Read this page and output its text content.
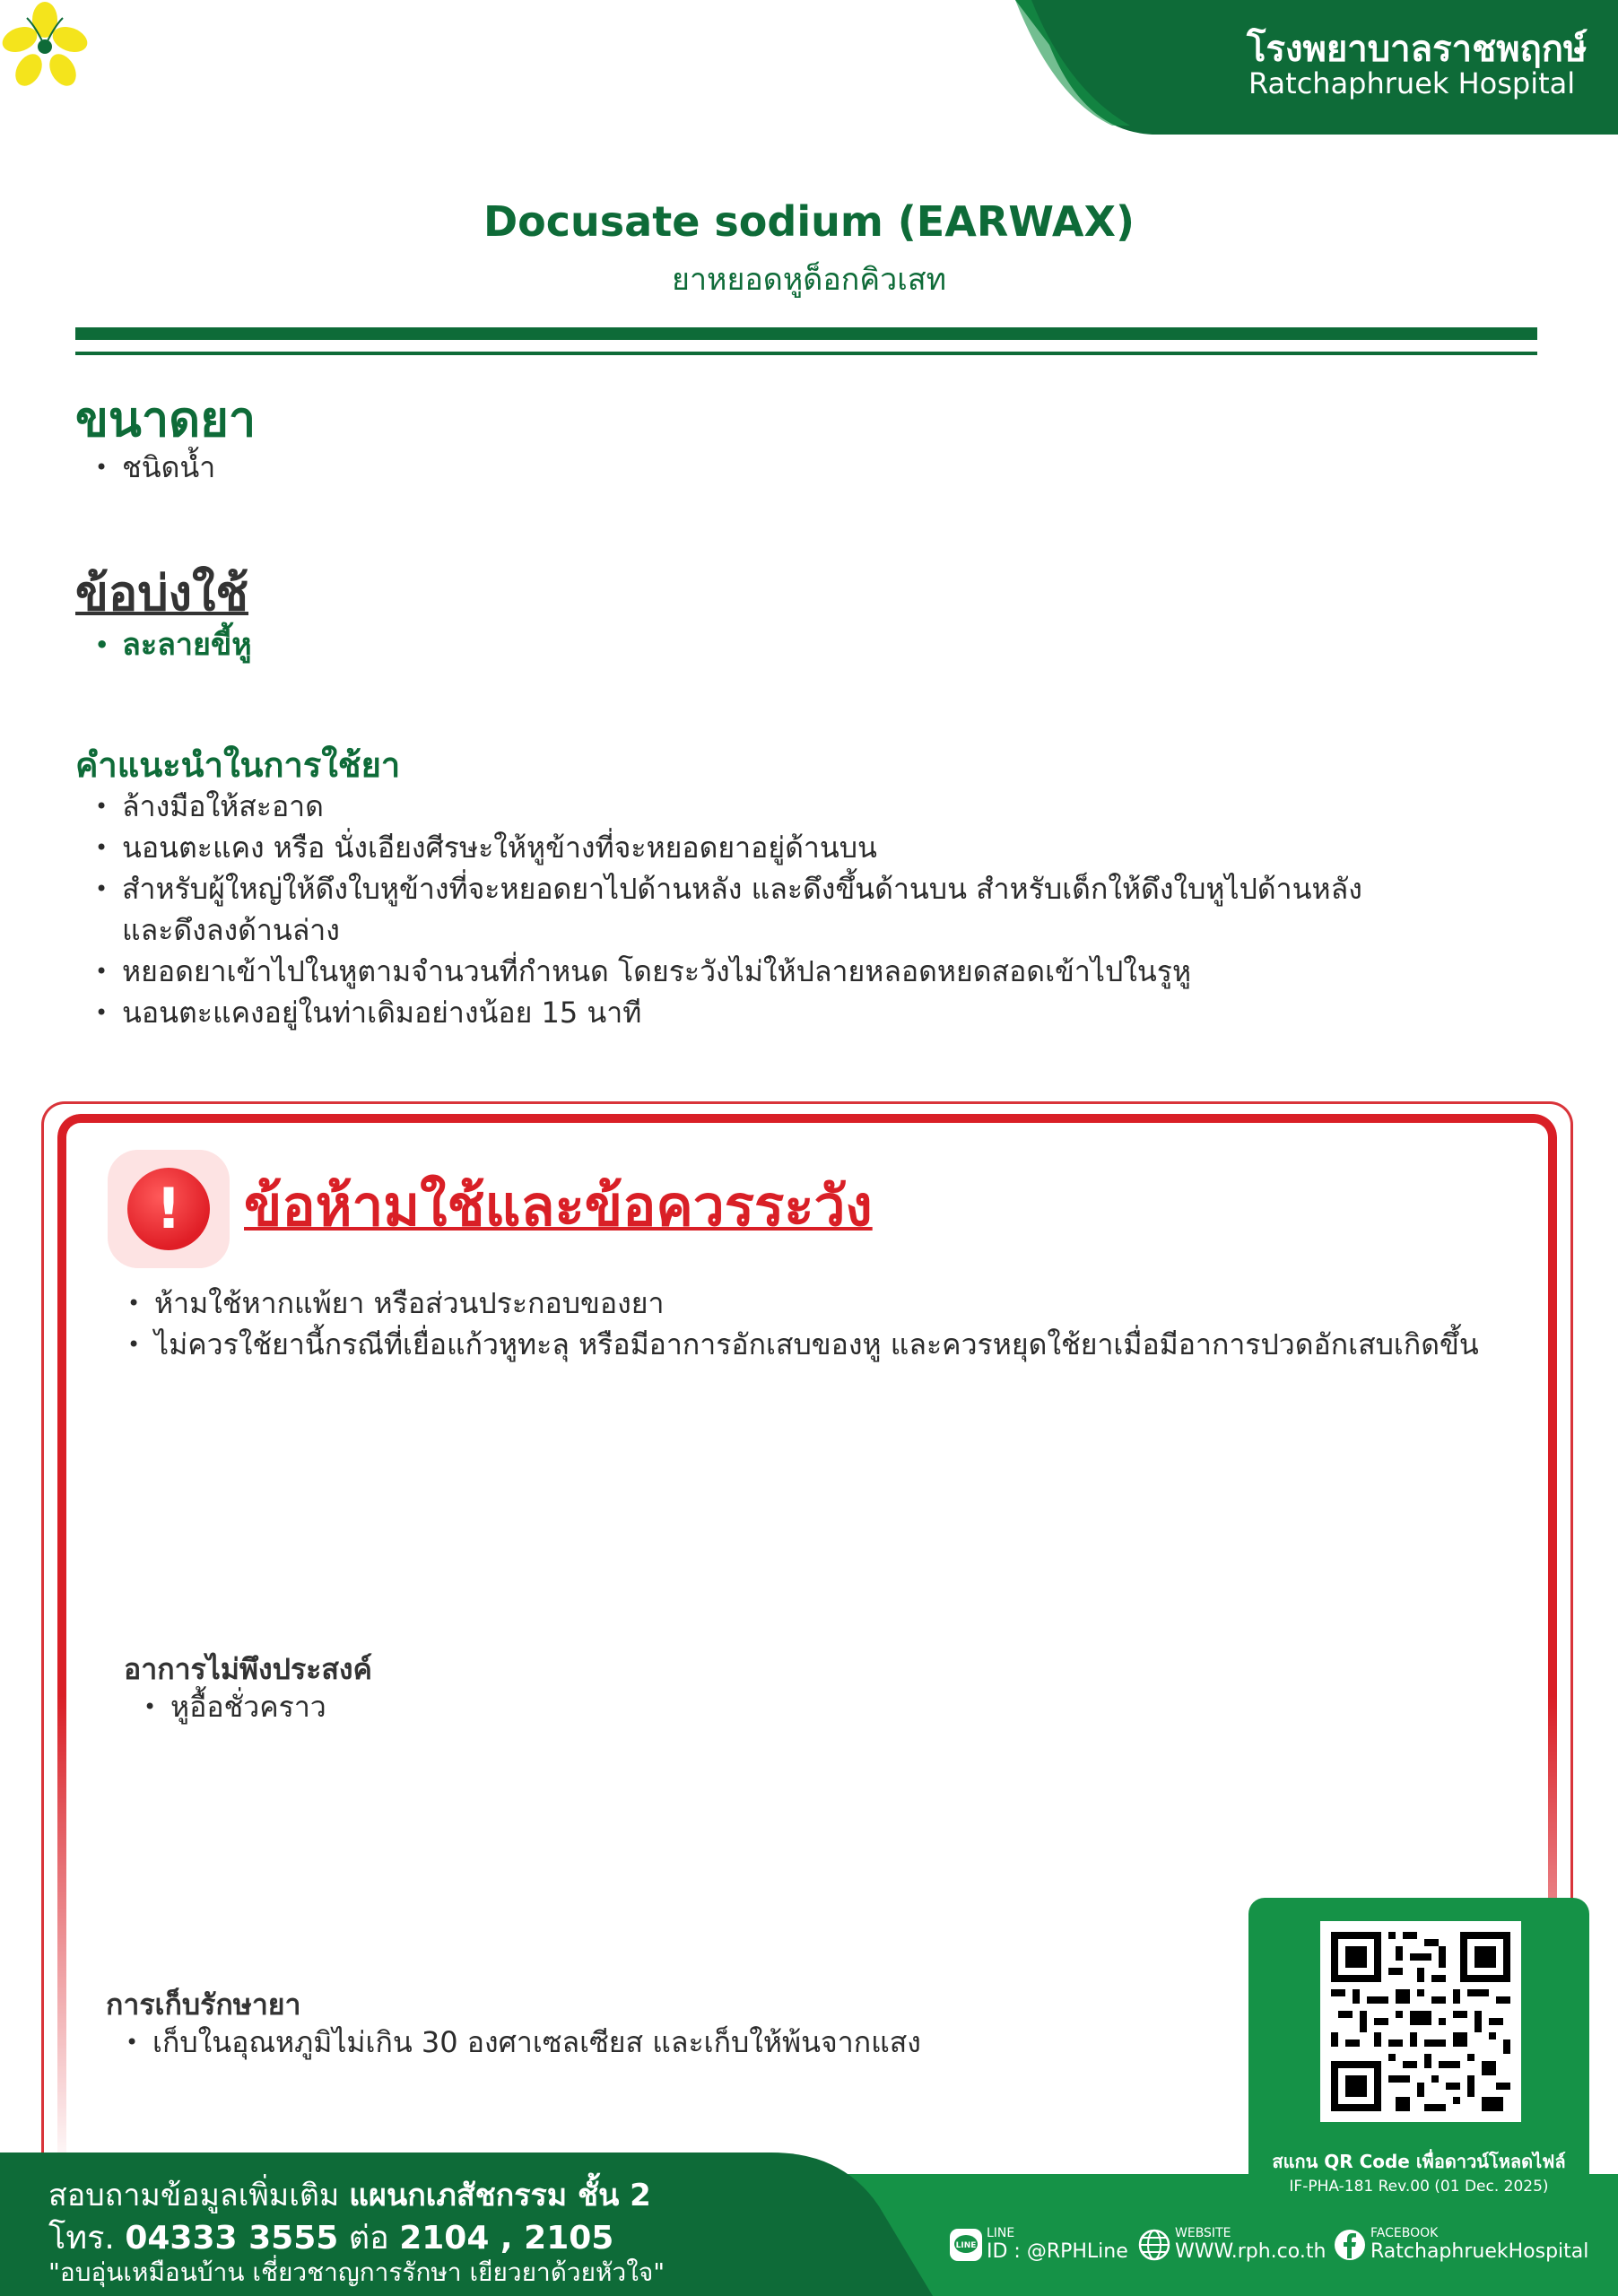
โรงพยาบาลราชพฤกษ์
Ratchaphruek Hospital
Docusate sodium (EARWAX)
ยาหยอดหูด็อกคิวเสท
ขนาดยา
• ชนิดน้ำ
ข้อบ่งใช้
• ละลายขี้หู
คำแนะนำในการใช้ยา
• ล้างมือให้สะอาด
• นอนตะแคง หรือ นั่งเอียงศีรษะให้หูข้างที่จะหยอดยาอยู่ด้านบน
• สำหรับผู้ใหญ่ให้ดึงใบหูข้างที่จะหยอดยาไปด้านหลัง และดึงขึ้นด้านบน สำหรับเด็กให้ดึงใบหูไปด้านหลัง และดึงลงด้านล่าง
• หยอดยาเข้าไปในหูตามจำนวนที่กำหนด โดยระวังไม่ให้ปลายหลอดหยดสอดเข้าไปในรูหู
• นอนตะแคงอยู่ในท่าเดิมอย่างน้อย 15 นาที
!	ข้อห้ามใช้และข้อควรระวัง
• ห้ามใช้หากแพ้ยา หรือส่วนประกอบของยา
• ไม่ควรใช้ยานี้กรณีที่เยื่อแก้วหูทะลุ หรือมีอาการอักเสบของหู และควรหยุดใช้ยาเมื่อมีอาการปวดอักเสบเกิดขึ้น
อาการไม่พึงประสงค์
• หูอื้อชั่วคราว
การเก็บรักษายา
• เก็บในอุณหภูมิไม่เกิน 30 องศาเซลเซียส และเก็บให้พ้นจากแสง
สแกน QR Code เพื่อดาวน์โหลดไฟล์
IF-PHA-181 Rev.00 (01 Dec. 2025)
สอบถามข้อมูลเพิ่มเติม แผนกเภสัชกรรม ชั้น 2
โทร. 04333 3555 ต่อ 2104 , 2105
"อบอุ่นเหมือนบ้าน เชี่ยวชาญการรักษา เยียวยาด้วยหัวใจ"
LINE
LINE
ID : @RPHLine
WEBSITE
WWW.rph.co.th
FACEBOOK
RatchaphruekHospital
